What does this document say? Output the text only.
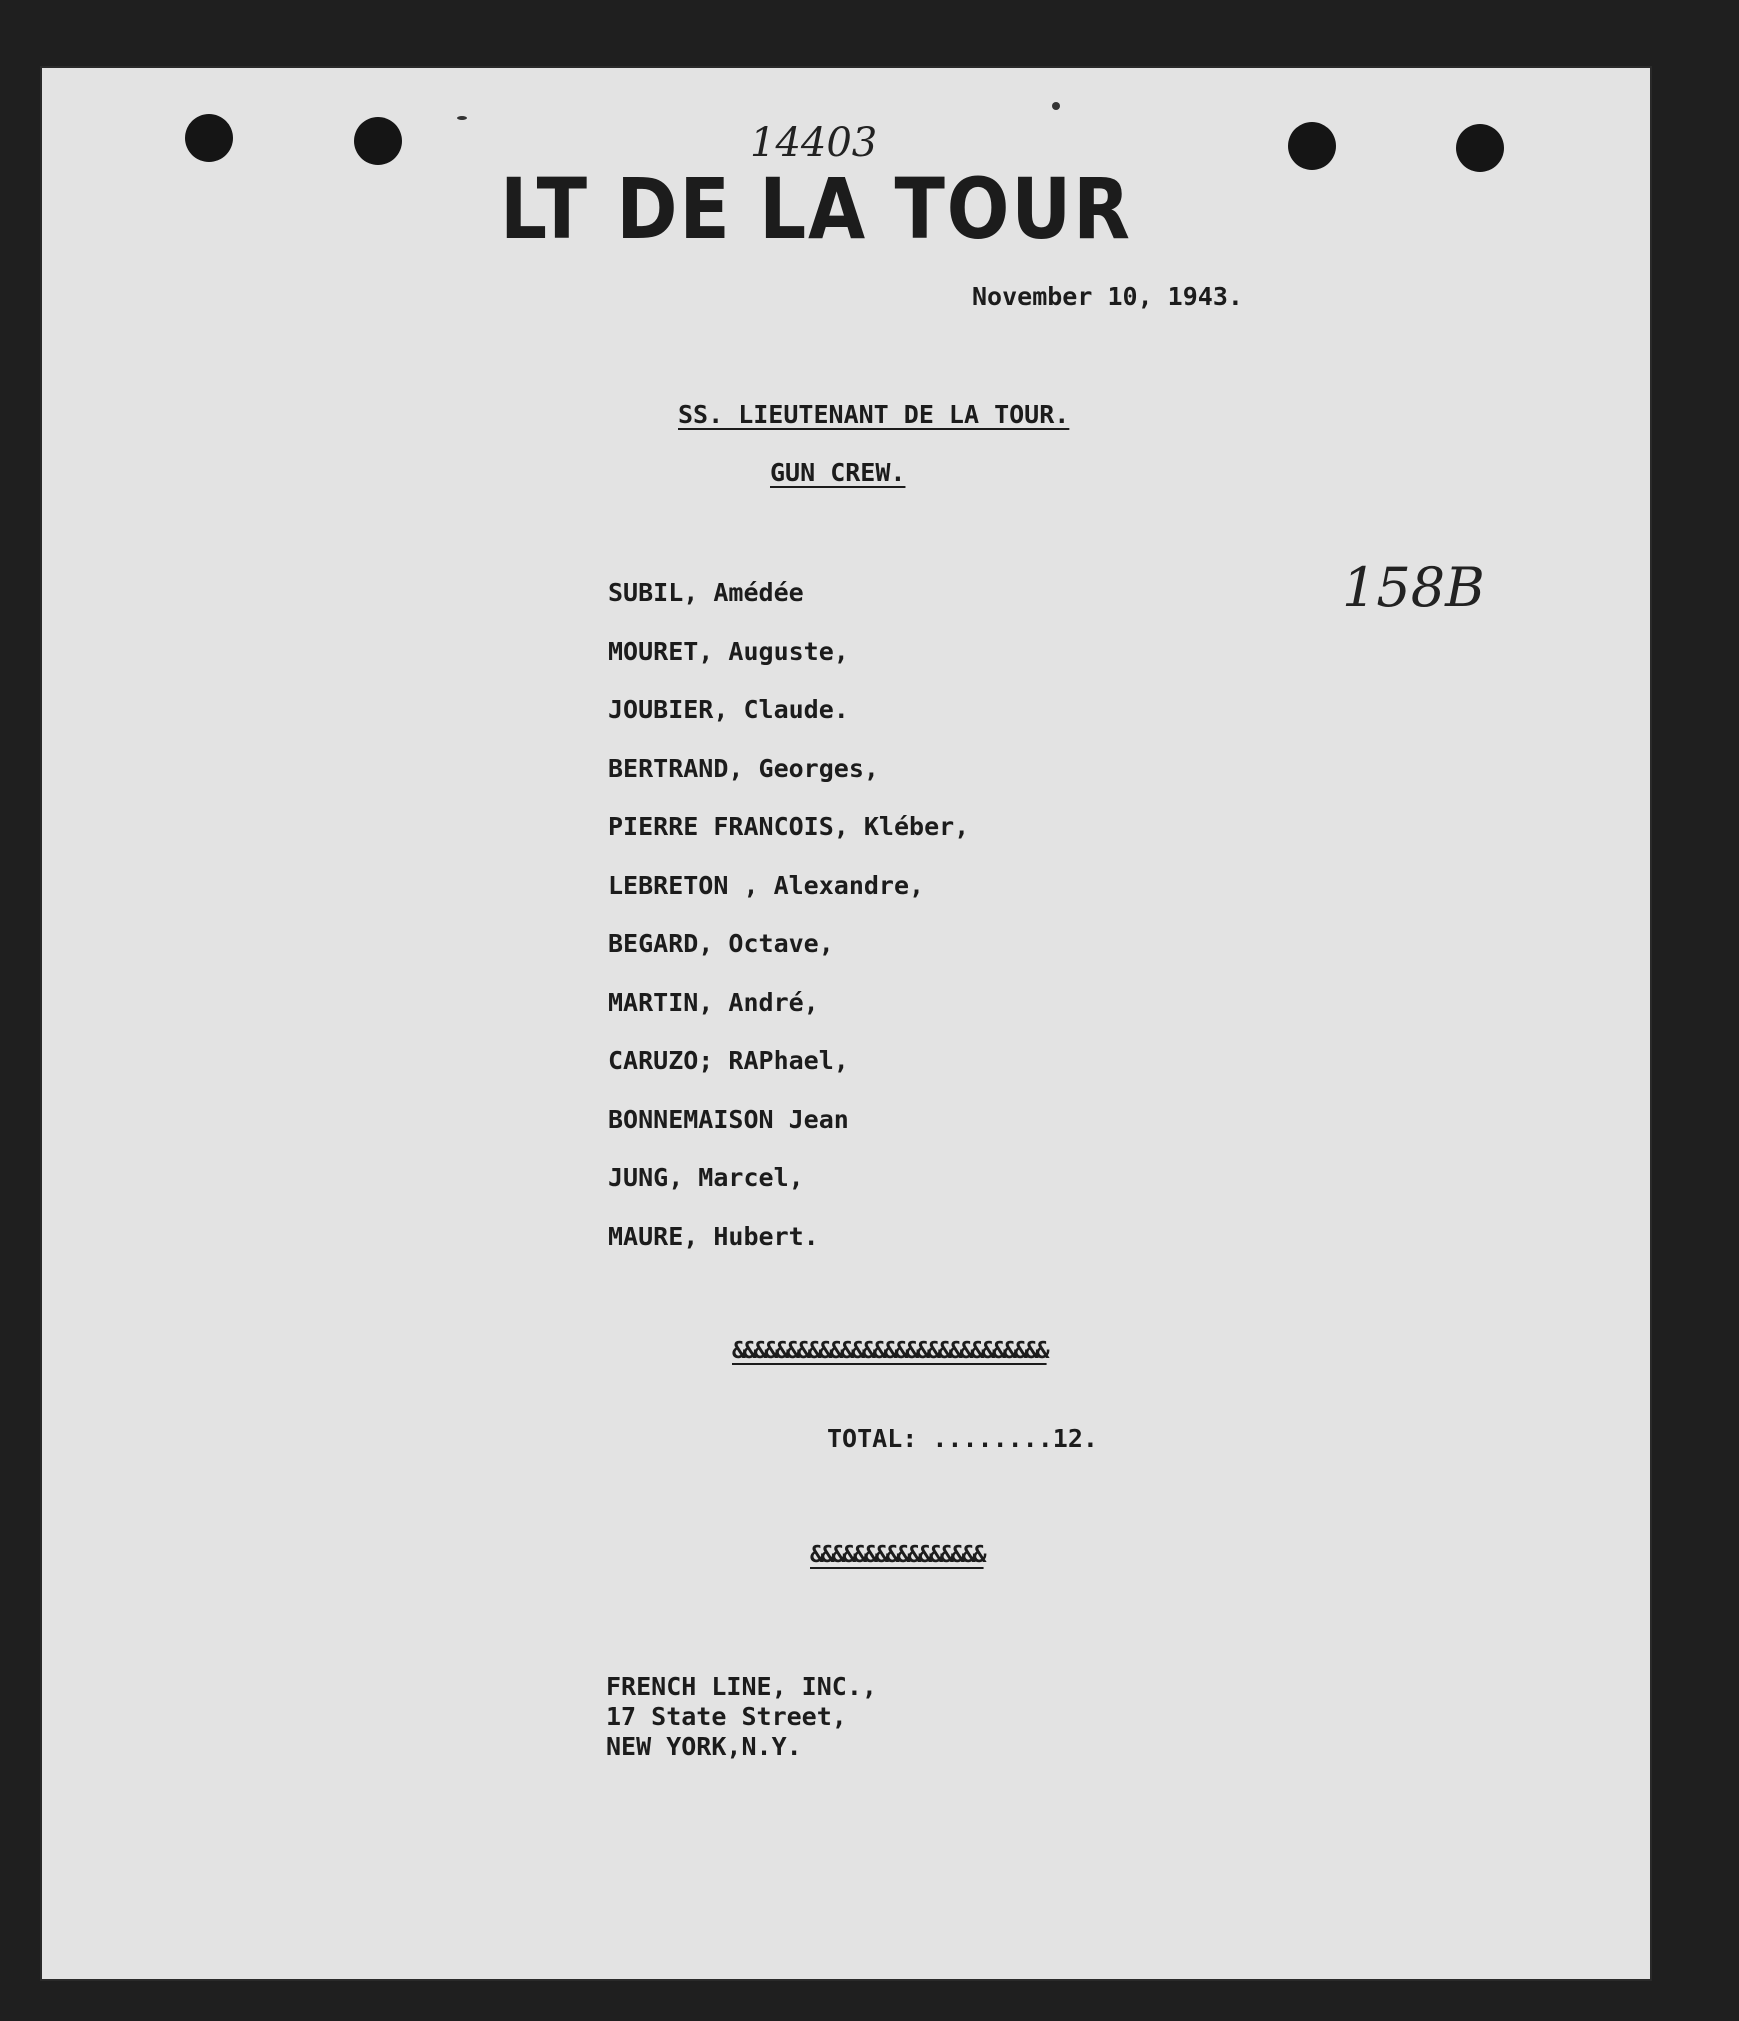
14403
LT DE LA TOUR
November 10, 1943.
SS. LIEUTENANT DE LA TOUR.
GUN CREW.
158B
SUBIL, Amédée
MOURET, Auguste,
JOUBIER, Claude.
BERTRAND, Georges,
PIERRE FRANCOIS, Kléber,
LEBRETON , Alexandre,
BEGARD, Octave,
MARTIN, André,
CARUZO; RAPhael,
BONNEMAISON Jean
JUNG, Marcel,
MAURE, Hubert.
&&&&&&&&&&&&&&&&&&&&&&&&&&&&&
TOTAL: ........12.
&&&&&&&&&&&&&&&&
FRENCH LINE, INC.,
17 State Street,
NEW YORK,N.Y.
